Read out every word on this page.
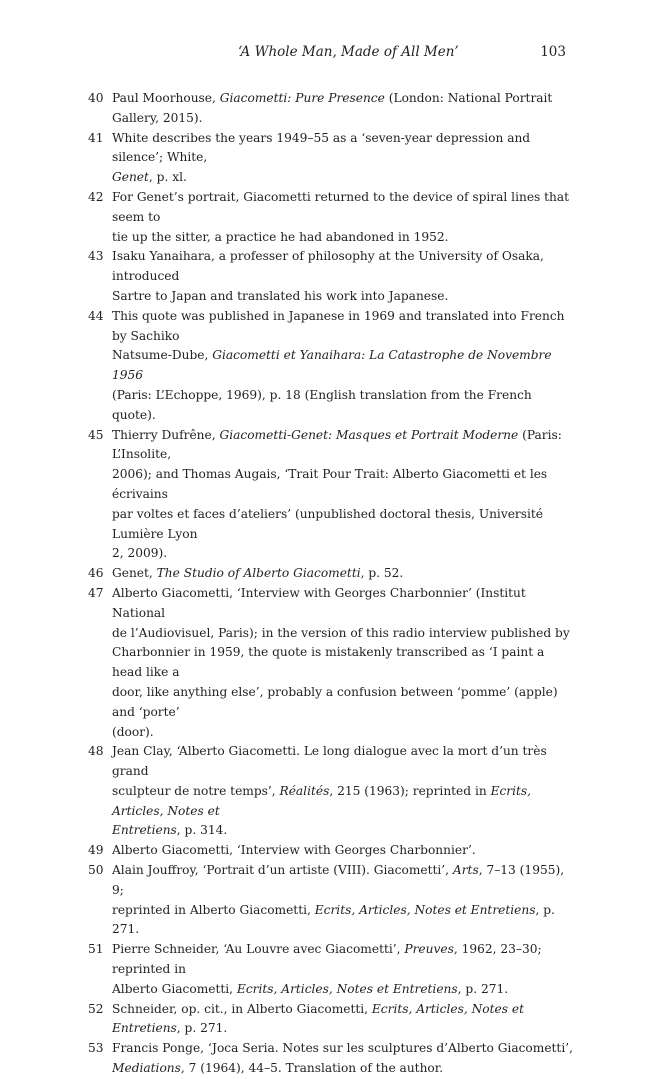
‘A Whole Man, Made of All Men’	103
40 Paul Moorhouse, Giacometti: Pure Presence (London: National Portrait
Gallery, 2015).
41 White describes the years 1949–55 as a ‘seven-year depression and silence’; White,
Genet, p. xl.
42 For Genet’s portrait, Giacometti returned to the device of spiral lines that seem to
tie up the sitter, a practice he had abandoned in 1952.
43 Isaku Yanaihara, a professer of philosophy at the University of Osaka, introduced
Sartre to Japan and translated his work into Japanese.
44 This quote was published in Japanese in 1969 and translated into French by Sachiko
Natsume-Dube, Giacometti et Yanaihara: La Catastrophe de Novembre 1956
(Paris: L’Echoppe, 1969), p. 18 (English translation from the French quote).
45 Thierry Dufrêne, Giacometti-Genet: Masques et Portrait Moderne (Paris: L’Insolite,
2006); and Thomas Augais, ‘Trait Pour Trait: Alberto Giacometti et les écrivains
par voltes et faces d’ateliers’ (unpublished doctoral thesis, Université Lumière Lyon
2, 2009).
46 Genet, The Studio of Alberto Giacometti, p. 52.
47 Alberto Giacometti, ‘Interview with Georges Charbonnier’ (Institut National
de l’Audiovisuel, Paris); in the version of this radio interview published by
Charbonnier in 1959, the quote is mistakenly transcribed as ‘I paint a head like a
door, like anything else’, probably a confusion between ‘pomme’ (apple) and ‘porte’
(door).
48 Jean Clay, ‘Alberto Giacometti. Le long dialogue avec la mort d’un très grand
sculpteur de notre temps’, Réalités, 215 (1963); reprinted in Ecrits, Articles, Notes et
Entretiens, p. 314.
49 Alberto Giacometti, ‘Interview with Georges Charbonnier’.
50 Alain Jouffroy, ‘Portrait d’un artiste (VIII). Giacometti’, Arts, 7–13 (1955), 9;
reprinted in Alberto Giacometti, Ecrits, Articles, Notes et Entretiens, p. 271.
51 Pierre Schneider, ‘Au Louvre avec Giacometti’, Preuves, 1962, 23–30; reprinted in
Alberto Giacometti, Ecrits, Articles, Notes et Entretiens, p. 271.
52 Schneider, op. cit., in Alberto Giacometti, Ecrits, Articles, Notes et Entretiens, p. 271.
53 Francis Ponge, ‘Joca Seria. Notes sur les sculptures d’Alberto Giacometti’,
Mediations, 7 (1964), 44–5. Translation of the author.
